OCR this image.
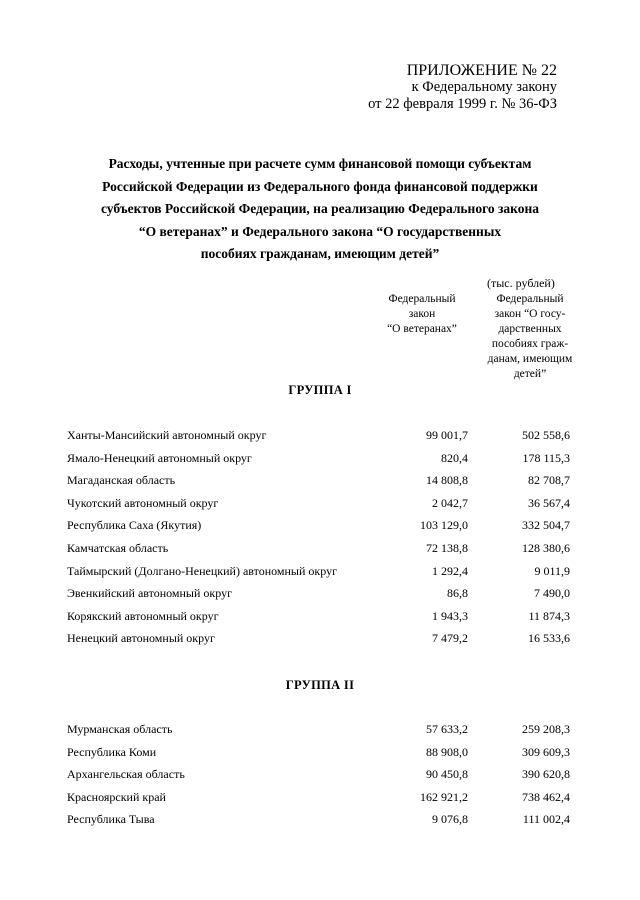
ПРИЛОЖЕНИЕ № 22
к Федеральному закону
от 22 февраля 1999 г. № 36-ФЗ
Расходы, учтенные при расчете сумм финансовой помощи субъектам
Российской Федерации из Федерального фонда финансовой поддержки
субъектов Российской Федерации, на реализацию Федерального закона
“О ветеранах” и Федерального закона “О государственных
пособиях гражданам, имеющим детей”
(тыс. рублей)
Федеральный
закон
“О ветеранах”
Федеральный
закон “О госу-
дарственных
пособиях граж-
данам, имеющим
детей”
ГРУППА I
Ханты-Мансийский автономный округ	99 001,7	502 558,6
Ямало-Ненецкий автономный округ	820,4	178 115,3
Магаданская область	14 808,8	82 708,7
Чукотский автономный округ	2 042,7	36 567,4
Республика Саха (Якутия)	103 129,0	332 504,7
Камчатская область	72 138,8	128 380,6
Таймырский (Долгано-Ненецкий) автономный округ	1 292,4	9 011,9
Эвенкийский автономный округ	86,8	7 490,0
Корякский автономный округ	1 943,3	11 874,3
Ненецкий автономный округ	7 479,2	16 533,6
ГРУППА II
Мурманская область	57 633,2	259 208,3
Республика Коми	88 908,0	309 609,3
Архангельская область	90 450,8	390 620,8
Красноярский край	162 921,2	738 462,4
Республика Тыва	9 076,8	111 002,4
